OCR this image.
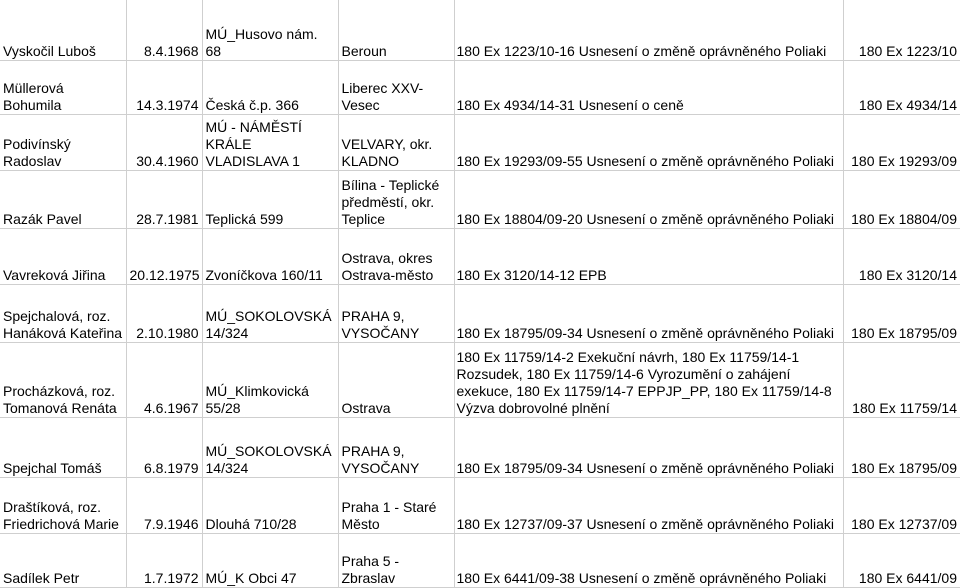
Vyskočil Luboš	8.4.1968	MÚ_Husovo nám. 68	Beroun	180 Ex 1223/10-16 Usnesení o změně oprávněného Poliaki	180 Ex 1223/10
Müllerová Bohumila	14.3.1974	Česká č.p. 366	Liberec XXV-Vesec	180 Ex 4934/14-31 Usnesení o ceně	180 Ex 4934/14
Podivínský Radoslav	30.4.1960	MÚ - NÁMĚSTÍ KRÁLE VLADISLAVA 1	VELVARY, okr. KLADNO	180 Ex 19293/09-55 Usnesení o změně oprávněného Poliaki	180 Ex 19293/09
Razák Pavel	28.7.1981	Teplická 599	Bílina - Teplické předměstí, okr. Teplice	180 Ex 18804/09-20 Usnesení o změně oprávněného Poliaki	180 Ex 18804/09
Vavreková Jiřina	20.12.1975	Zvoníčkova 160/11	Ostrava, okres Ostrava-město	180 Ex 3120/14-12 EPB	180 Ex 3120/14
Spejchalová, roz. Hanáková Kateřina	2.10.1980	MÚ_SOKOLOVSKÁ 14/324	PRAHA 9, VYSOČANY	180 Ex 18795/09-34 Usnesení o změně oprávněného Poliaki	180 Ex 18795/09
Procházková, roz. Tomanová Renáta	4.6.1967	MÚ_Klimkovická 55/28	Ostrava	180 Ex 11759/14-2 Exekuční návrh, 180 Ex 11759/14-1 Rozsudek, 180 Ex 11759/14-6 Vyrozumění o zahájení exekuce, 180 Ex 11759/14-7 EPPJP_PP, 180 Ex 11759/14-8 Výzva dobrovolné plnění	180 Ex 11759/14
Spejchal Tomáš	6.8.1979	MÚ_SOKOLOVSKÁ 14/324	PRAHA 9, VYSOČANY	180 Ex 18795/09-34 Usnesení o změně oprávněného Poliaki	180 Ex 18795/09
Draštíková, roz. Friedrichová Marie	7.9.1946	Dlouhá 710/28	Praha 1 - Staré Město	180 Ex 12737/09-37 Usnesení o změně oprávněného Poliaki	180 Ex 12737/09
Sadílek Petr	1.7.1972	MÚ_K Obci 47	Praha 5 - Zbraslav	180 Ex 6441/09-38 Usnesení o změně oprávněného Poliaki	180 Ex 6441/09
